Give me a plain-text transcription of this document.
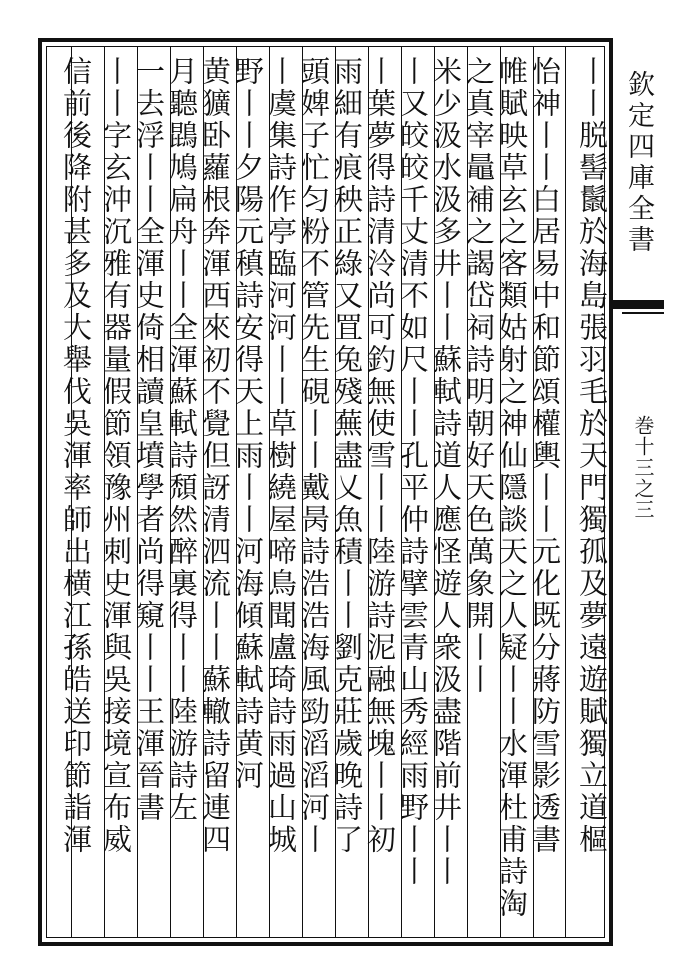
欽定四庫全書
巻十三之三
丨丨脱髻鬛於海島張羽毛於天門獨孤及夢遠遊賦獨立道樞
怡神丨丨白居易中和節頌權輿丨丨元化既分蔣防雪影透書
帷賦映草玄之客類姑射之神仙隱談天之人疑丨丨水渾杜甫詩淘
之真宰鼂補之謁岱祠詩明朝好天色萬象開丨丨
米少汲水汲多井丨丨蘇軾詩道人應怪遊人衆汲盡階前井丨丨
丨又皎皎千丈清不如尺丨丨孔平仲詩擘雲青山秀經雨野丨丨
丨葉夢得詩清泠尚可釣無使雪丨丨陸游詩泥融無塊丨丨初
雨細有痕秧正綠又罝兔殘蕪盡乂魚積丨丨劉克莊歲晚詩了
頭婢子忙匀粉不管先生硯丨丨戴昺詩浩浩海風勁滔滔河丨
丨虞集詩作亭臨河河丨丨草樹繞屋啼鳥聞盧琦詩雨過山城
野丨丨夕陽元稹詩安得天上雨丨丨河海傾蘇軾詩黄河
黄獷卧蘿根奔渾西來初不覺但訝清泗流丨丨蘇轍詩留連四
月聽鵾鳩扁舟丨丨全渾蘇軾詩頹然醉裏得丨丨陸游詩左
一去浮丨丨全渾史倚相讀皇墳學者尚得窺丨丨王渾晉書
丨丨字玄沖沉雅有器量假節領豫州刺史渾與吳接境宣布威
信前後降附甚多及大舉伐吳渾率師出横江孫皓送印節詣渾
